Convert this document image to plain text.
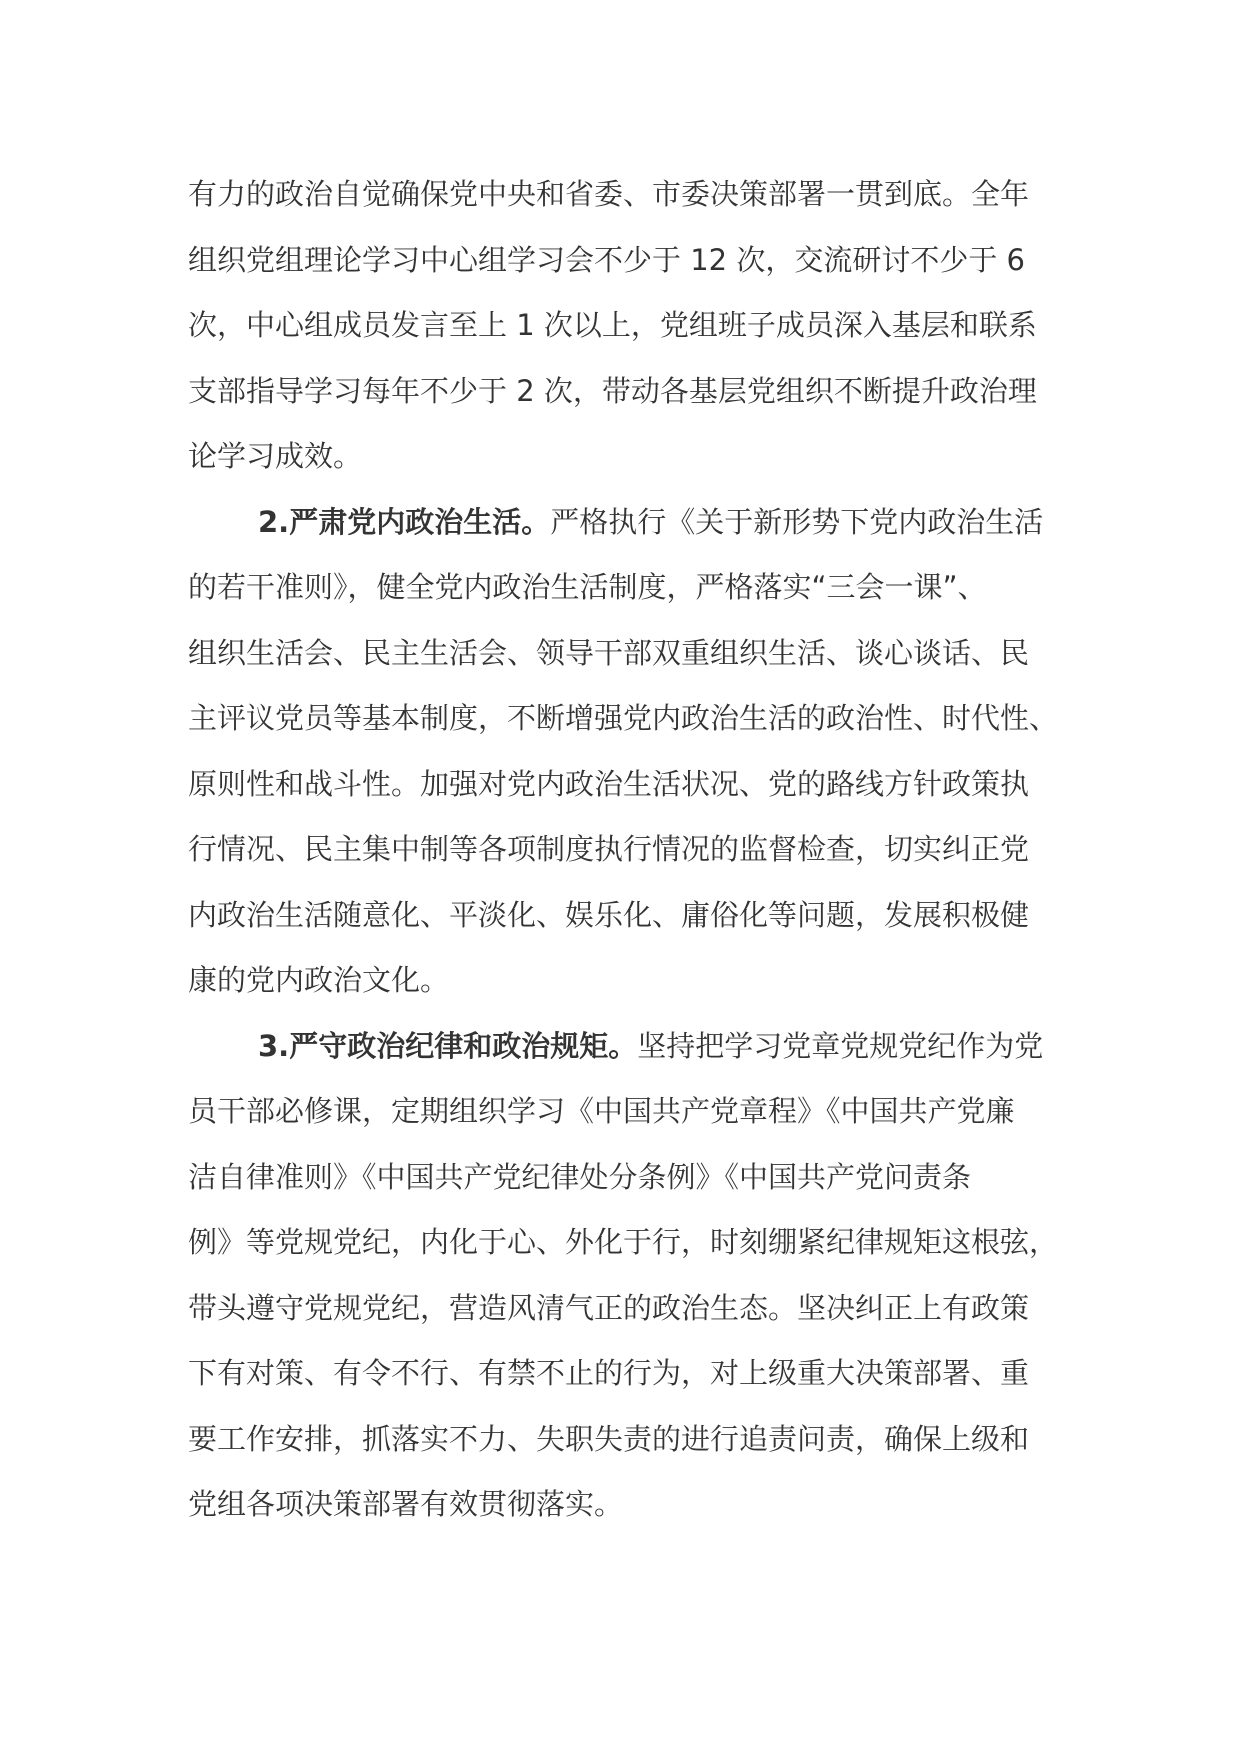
有力的政治自觉确保党中央和省委、市委决策部署一贯到底。全年
组织党组理论学习中心组学习会不少于 12 次，交流研讨不少于 6
次，中心组成员发言至上 1 次以上，党组班子成员深入基层和联系
支部指导学习每年不少于 2 次，带动各基层党组织不断提升政治理
论学习成效。
2.严肃党内政治生活。严格执行《关于新形势下党内政治生活
的若干准则》，健全党内政治生活制度，严格落实“三会一课”、
组织生活会、民主生活会、领导干部双重组织生活、谈心谈话、民
主评议党员等基本制度，不断增强党内政治生活的政治性、时代性、
原则性和战斗性。加强对党内政治生活状况、党的路线方针政策执
行情况、民主集中制等各项制度执行情况的监督检查，切实纠正党
内政治生活随意化、平淡化、娱乐化、庸俗化等问题，发展积极健
康的党内政治文化。
3.严守政治纪律和政治规矩。坚持把学习党章党规党纪作为党
员干部必修课，定期组织学习《中国共产党章程》《中国共产党廉
洁自律准则》《中国共产党纪律处分条例》《中国共产党问责条
例》等党规党纪，内化于心、外化于行，时刻绷紧纪律规矩这根弦，
带头遵守党规党纪，营造风清气正的政治生态。坚决纠正上有政策
下有对策、有令不行、有禁不止的行为，对上级重大决策部署、重
要工作安排，抓落实不力、失职失责的进行追责问责，确保上级和
党组各项决策部署有效贯彻落实。
